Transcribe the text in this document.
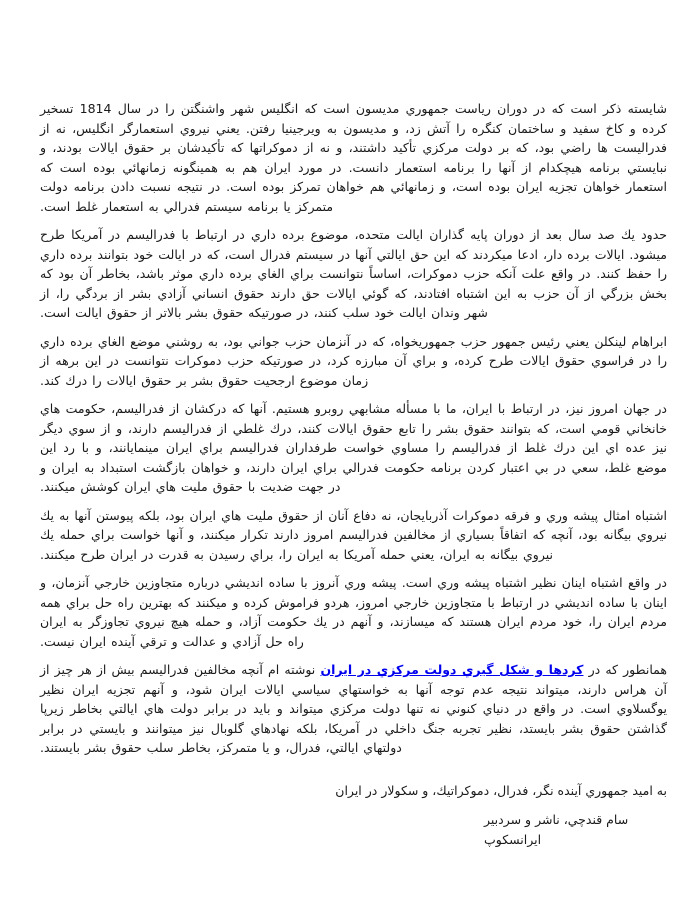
شايسته ذكر است كه در دوران رياست جمهوري مديسون است كه انگليس شهر واشنگتن را در سال 1814 تسخير كرده و كاخ سفيد و ساختمان كنگره را آتش زد، و مديسون به ويرجينيا رفتن. يعني نيروي استعمارگر انگليس، نه از فدراليست ها راضي بود، كه بر دولت مركزي تأكيد داشتند، و نه از دموكراتها كه تأكيدشان بر حقوق ايالات بودند، و نبايستي برنامه هيچكدام از آنها را برنامه استعمار دانست. در مورد ايران هم به همينگونه زمانهائي بوده است كه استعمار خواهان تجزيه ايران بوده است، و زمانهائي هم خواهان تمركز بوده است. در نتيجه نسبت دادن برنامه دولت متمركز يا برنامه سيستم فدرالي به استعمار غلط است.

حدود يك صد سال بعد از دوران پايه گذاران ايالت متحده، موضوع برده داري در ارتباط با فدراليسم در آمريكا طرح ميشود. ايالات برده دار، ادعا ميكردند كه اين حق ايالتي آنها در سيستم فدرال است، كه در ايالت خود بتوانند برده داري را حفظ كنند. در واقع علت آنكه حزب دموكرات، اساساً نتوانست براي الغاي برده داري موثر باشد، بخاطر آن بود كه بخش بزرگي از آن حزب به اين اشتباه افتادند، كه گوئي ايالات حق دارند حقوق انساني آزادي بشر از بردگي را، از شهر وندان ايالت خود سلب كنند، در صورتيكه حقوق بشر بالاتر از حقوق ايالت است.

ابراهام لينكلن يعني رئيس جمهور حزب جمهوريخواه، كه در آنزمان حزب جواني بود، به روشني موضع الغاي برده داري را در فراسوي حقوق ايالات طرح كرده، و براي آن مبارزه كرد، در صورتيكه حزب دموكرات نتوانست در اين برهه از زمان موضوع ارجحيت حقوق بشر بر حقوق ايالات را درك كند.

در جهان امروز نيز، در ارتباط با ايران، ما با مسأله مشابهي روبرو هستيم. آنها كه دركشان از فدراليسم، حكومت هاي خانخاني قومي است، كه بتوانند حقوق بشر را تابع حقوق ايالات كنند، درك غلطي از فدراليسم دارند، و از سوي ديگر نيز عده اي اين درك غلط از فدراليسم را مساوي خواست طرفداران فدراليسم براي ايران مينمايانند، و با رد اين موضع غلط، سعي در بي اعتبار كردن برنامه حكومت فدرالي براي ايران دارند، و خواهان بازگشت استبداد به ايران و در جهت ضديت با حقوق مليت هاي ايران كوشش ميكنند.

اشتباه امثال پيشه وري و فرقه دموكرات آذربايجان، نه دفاع آنان از حقوق مليت هاي ايران بود، بلكه پيوستن آنها به يك نيروي بيگانه بود، آنچه كه اتفاقاً بسياري از مخالفين فدراليسم امروز دارند تكرار ميكنند، و آنها خواست براي حمله يك نيروي بيگانه به ايران، يعني حمله آمريكا به ايران را، براي رسيدن به قدرت در ايران طرح ميكنند.

در واقع اشتباه اينان نظير اشتباه پيشه وري است. پيشه وري آنروز با ساده انديشي درباره متجاوزين خارجي آنزمان، و اينان با ساده انديشي در ارتباط با متجاوزين خارجي امروز، هردو فراموش كرده و ميكنند كه بهترين راه حل براي همه مردم ايران را، خود مردم ايران هستند كه ميسازند، و آنهم در يك حكومت آزاد، و حمله هيچ نيروي تجاوزگر به ايران راه حل آزادي و عدالت و ترقي آينده ايران نيست.

همانطور كه در كردها و شكل گيري دولت مركزي در ايران نوشته ام آنچه مخالفين فدراليسم بيش از هر چيز از آن هراس دارند، ميتواند نتيجه عدم توجه آنها به خواستهاي سياسي ايالات ايران شود، و آنهم تجزيه ايران نظير يوگسلاوي است. در واقع در دنياي كنوني نه تنها دولت مركزي ميتواند و بايد در برابر دولت هاي ايالتي بخاطر زيرپا گذاشتن حقوق بشر بايستد، نظير تجربه جنگ داخلي در آمريكا، بلكه نهادهاي گلوبال نيز ميتوانند و بايستي در برابر دولتهاي ايالتي، فدرال، و يا متمركز، بخاطر سلب حقوق بشر بايستند.

به اميد جمهوري آينده نگر، فدرال، دموكراتيك، و سكولار در ايران

سام قندچي، ناشر و سردبير
ايرانسكوپ
